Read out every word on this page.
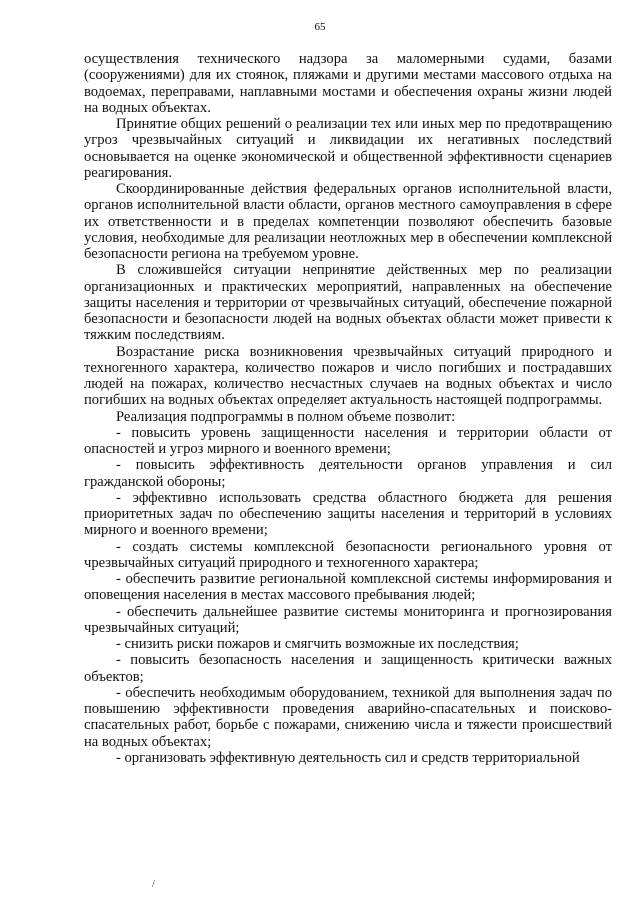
65

осуществления технического надзора за маломерными судами, базами (сооружениями) для их стоянок, пляжами и другими местами массового отдыха на водоемах, переправами, наплавными мостами и обеспечения охраны жизни людей на водных объектах.

Принятие общих решений о реализации тех или иных мер по предотвращению угроз чрезвычайных ситуаций и ликвидации их негативных последствий основывается на оценке экономической и общественной эффективности сценариев реагирования.

Скоординированные действия федеральных органов исполнительной власти, органов исполнительной власти области, органов местного самоуправления в сфере их ответственности и в пределах компетенции позволяют обеспечить базовые условия, необходимые для реализации неотложных мер в обеспечении комплексной безопасности региона на требуемом уровне.

В сложившейся ситуации непринятие действенных мер по реализации организационных и практических мероприятий, направленных на обеспечение защиты населения и территории от чрезвычайных ситуаций, обеспечение пожарной безопасности и безопасности людей на водных объектах области может привести к тяжким последствиям.

Возрастание риска возникновения чрезвычайных ситуаций природного и техногенного характера, количество пожаров и число погибших и пострадавших людей на пожарах, количество несчастных случаев на водных объектах и число погибших на водных объектах определяет актуальность настоящей подпрограммы.

Реализация подпрограммы в полном объеме позволит:

- повысить уровень защищенности населения и территории области от опасностей и угроз мирного и военного времени;

- повысить эффективность деятельности органов управления и сил гражданской обороны;

- эффективно использовать средства областного бюджета для решения приоритетных задач по обеспечению защиты населения и территорий в условиях мирного и военного времени;

- создать системы комплексной безопасности регионального уровня от чрезвычайных ситуаций природного и техногенного характера;

- обеспечить развитие региональной комплексной системы информирования и оповещения населения в местах массового пребывания людей;

- обеспечить дальнейшее развитие системы мониторинга и прогнозирования чрезвычайных ситуаций;

- снизить риски пожаров и смягчить возможные их последствия;

- повысить безопасность населения и защищенность критически важных объектов;

- обеспечить необходимым оборудованием, техникой для выполнения задач по повышению эффективности проведения аварийно-спасательных и поисково-спасательных работ, борьбе с пожарами, снижению числа и тяжести происшествий на водных объектах;

- организовать эффективную деятельность сил и средств территориальной

/
